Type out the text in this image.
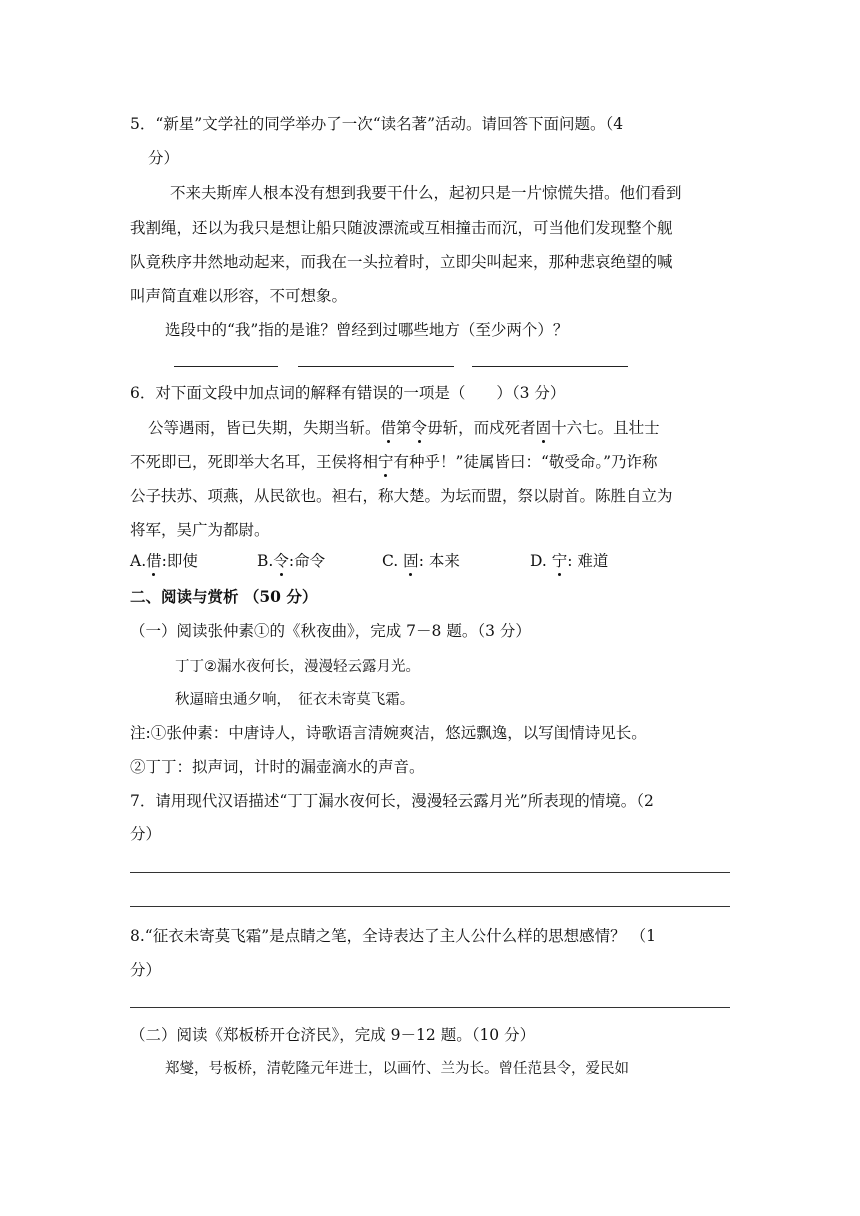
5．“新星”文学社的同学举办了一次“读名著”活动。请回答下面问题。（4
分）
不来夫斯库人根本没有想到我要干什么，起初只是一片惊慌失措。他们看到
我割绳，还以为我只是想让船只随波漂流或互相撞击而沉，可当他们发现整个舰
队竟秩序井然地动起来，而我在一头拉着时，立即尖叫起来，那种悲哀绝望的喊
叫声简直难以形容，不可想象。
选段中的“我”指的是谁？曾经到过哪些地方（至少两个）？
6．对下面文段中加点词的解释有错误的一项是（　　）（3 分）
公等遇雨，皆已失期，失期当斩。借第令毋斩，而戍死者固十六七。且壮士
不死即已，死即举大名耳，王侯将相宁有种乎！”徒属皆曰：“敬受命。”乃诈称
公子扶苏、项燕，从民欲也。袒右，称大楚。为坛而盟，祭以尉首。陈胜自立为
将军，吴广为都尉。
A.借:即使	B.令:命令	C. 固: 本来	D. 宁: 难道
二、阅读与赏析 （50 分）
（一）阅读张仲素①的《秋夜曲》，完成 7－8 题。（3 分）
丁丁②漏水夜何长，漫漫轻云露月光。
秋逼暗虫通夕响，　征衣未寄莫飞霜。
注:①张仲素：中唐诗人，诗歌语言清婉爽洁，悠远飘逸，以写闺情诗见长。
②丁丁：拟声词，计时的漏壶滴水的声音。
7．请用现代汉语描述“丁丁漏水夜何长，漫漫轻云露月光”所表现的情境。（2
分）
8.“征衣未寄莫飞霜”是点睛之笔，全诗表达了主人公什么样的思想感情？ （1
分）
（二）阅读《郑板桥开仓济民》，完成 9－12 题。（10 分）
郑燮，号板桥，清乾隆元年进士，以画竹、兰为长。曾任范县令，爱民如
